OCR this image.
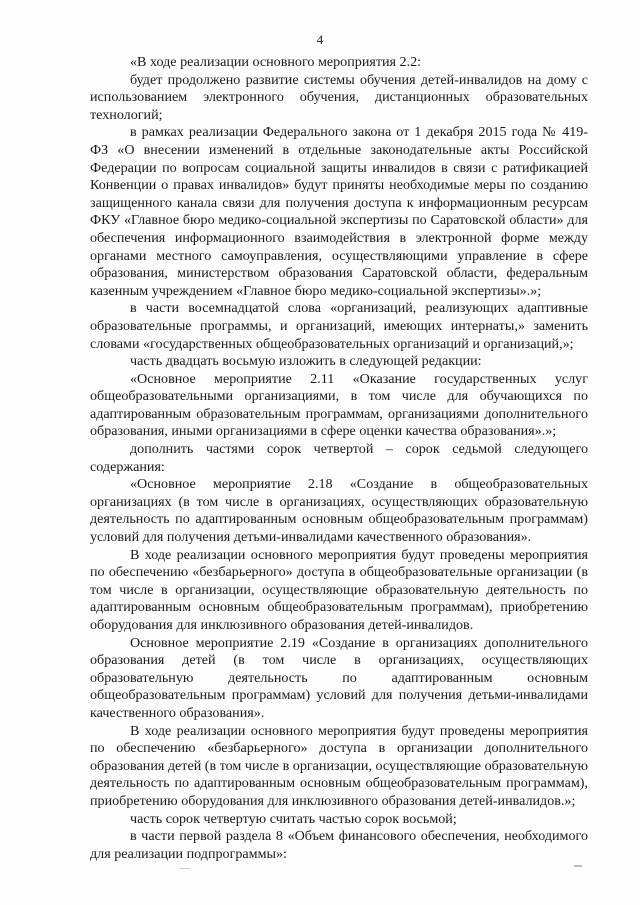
4

«В ходе реализации основного мероприятия 2.2:

будет продолжено развитие системы обучения детей-инвалидов на дому с использованием электронного обучения, дистанционных образовательных технологий;

в рамках реализации Федерального закона от 1 декабря 2015 года № 419-ФЗ «О внесении изменений в отдельные законодательные акты Российской Федерации по вопросам социальной защиты инвалидов в связи с ратификацией Конвенции о правах инвалидов» будут приняты необходимые меры по созданию защищенного канала связи для получения доступа к информационным ресурсам ФКУ «Главное бюро медико-социальной экспертизы по Саратовской области» для обеспечения информационного взаимодействия в электронной форме между органами местного самоуправления, осуществляющими управление в сфере образования, министерством образования Саратовской области, федеральным казенным учреждением «Главное бюро медико-социальной экспертизы».»;

в части восемнадцатой слова «организаций, реализующих адаптивные образовательные программы, и организаций, имеющих интернаты,» заменить словами «государственных общеобразовательных организаций и организаций,»;

часть двадцать восьмую изложить в следующей редакции:

«Основное мероприятие 2.11 «Оказание государственных услуг общеобразовательными организациями, в том числе для обучающихся по адаптированным образовательным программам, организациями дополнительного образования, иными организациями в сфере оценки качества образования».»;

дополнить частями сорок четвертой – сорок седьмой следующего содержания:

«Основное мероприятие 2.18 «Создание в общеобразовательных организациях (в том числе в организациях, осуществляющих образовательную деятельность по адаптированным основным общеобразовательным программам) условий для получения детьми-инвалидами качественного образования».

В ходе реализации основного мероприятия будут проведены мероприятия по обеспечению «безбарьерного» доступа в общеобразовательные организации (в том числе в организации, осуществляющие образовательную деятельность по адаптированным основным общеобразовательным программам), приобретению оборудования для инклюзивного образования детей-инвалидов.

Основное мероприятие 2.19 «Создание в организациях дополнительного образования детей (в том числе в организациях, осуществляющих образовательную деятельность по адаптированным основным общеобразовательным программам) условий для получения детьми-инвалидами качественного образования».

В ходе реализации основного мероприятия будут проведены мероприятия по обеспечению «безбарьерного» доступа в организации дополнительного образования детей (в том числе в организации, осуществляющие образовательную деятельность по адаптированным основным общеобразовательным программам), приобретению оборудования для инклюзивного образования детей-инвалидов.»;

часть сорок четвертую считать частью сорок восьмой;

в части первой раздела 8 «Объем финансового обеспечения, необходимого для реализации подпрограммы»:
